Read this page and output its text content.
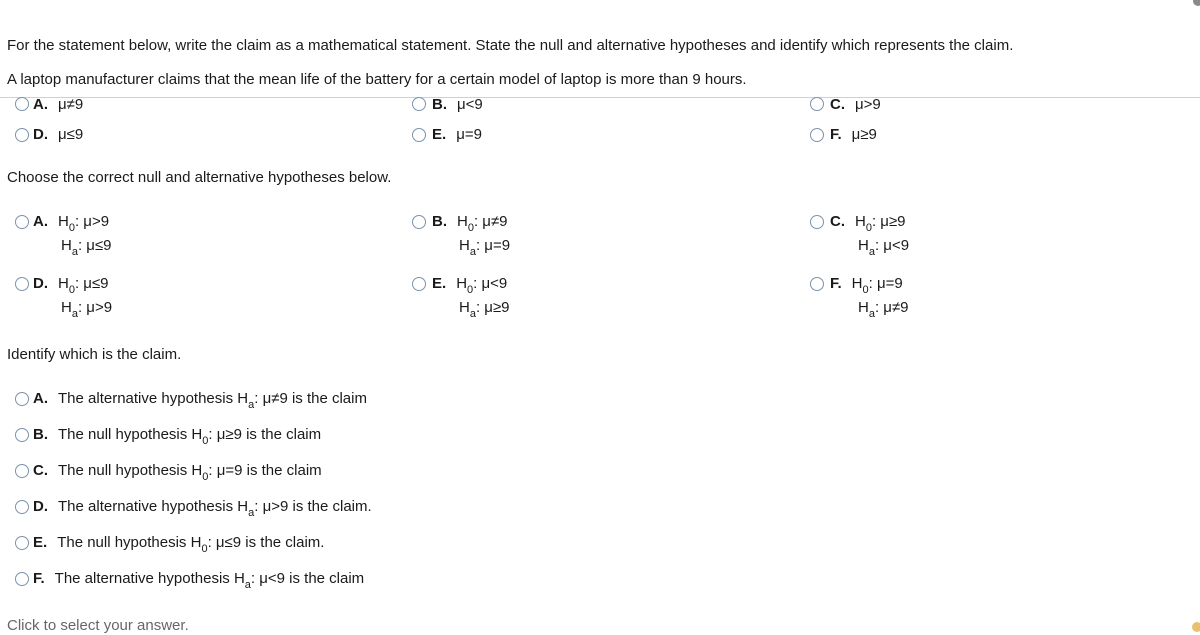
For the statement below, write the claim as a mathematical statement. State the null and alternative hypotheses and identify which represents the claim.
A laptop manufacturer claims that the mean life of the battery for a certain model of laptop is more than 9 hours.
A. μ≠9	B. μ<9	C. μ>9
D. μ≤9	E. μ=9	F. μ≥9
Choose the correct null and alternative hypotheses below.
A. $H_0$: μ>9
$H_a$: μ≤9
B. $H_0$: μ≠9
$H_a$: μ=9
C. $H_0$: μ≥9
$H_a$: μ<9
D. $H_0$: μ≤9
$H_a$: μ>9
E. $H_0$: μ<9
$H_a$: μ≥9
F. $H_0$: μ=9
$H_a$: μ≠9
Identify which is the claim.
A. The alternative hypothesis $H_a$: μ≠9 is the claim
B. The null hypothesis $H_0$: μ≥9 is the claim
C. The null hypothesis $H_0$: μ=9 is the claim
D. The alternative hypothesis $H_a$: μ>9 is the claim.
E. The null hypothesis $H_0$: μ≤9 is the claim.
F. The alternative hypothesis $H_a$: μ<9 is the claim
Click to select your answer.
